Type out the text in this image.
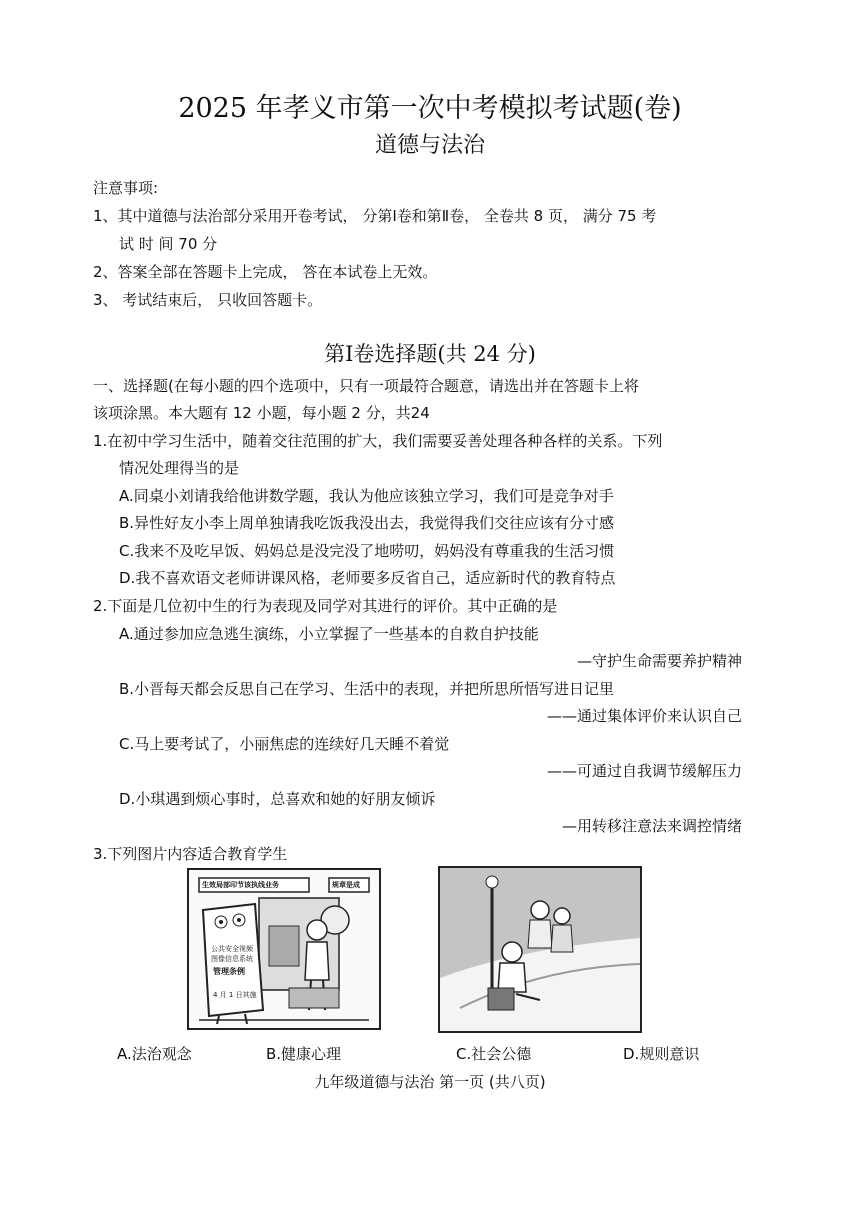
2025 年孝义市第一次中考模拟考试题(卷)
道德与法治
注意事项:
1、其中道德与法治部分采用开卷考试， 分第Ⅰ卷和第Ⅱ卷， 全卷共 8 页， 满分 75 考
试 时 间 70 分
2、答案全部在答题卡上完成， 答在本试卷上无效。
3、 考试结束后， 只收回答题卡。
第Ⅰ卷选择题(共 24 分)
一、选择题(在每小题的四个选项中，只有一项最符合题意，请选出并在答题卡上将
该项涂黑。本大题有 12 小题，每小题 2 分，共24
1.在初中学习生活中，随着交往范围的扩大，我们需要妥善处理各种各样的关系。下列
情况处理得当的是
A.同桌小刘请我给他讲数学题，我认为他应该独立学习，我们可是竞争对手
B.异性好友小李上周单独请我吃饭我没出去，我觉得我们交往应该有分寸感
C.我来不及吃早饭、妈妈总是没完没了地唠叨，妈妈没有尊重我的生活习惯
D.我不喜欢语文老师讲课风格，老师要多反省自己，适应新时代的教育特点
2.下面是几位初中生的行为表现及同学对其进行的评价。其中正确的是
A.通过参加应急逃生演练，小立掌握了一些基本的自救自护技能
—守护生命需要养护精神
B.小晋每天都会反思自己在学习、生活中的表现，并把所思所悟写进日记里
——通过集体评价来认识自己
C.马上要考试了，小丽焦虑的连续好几天睡不着觉
——可通过自我调节缓解压力
D.小琪遇到烦心事时，总喜欢和她的好朋友倾诉
—用转移注意法来调控情绪
3.下列图片内容适合教育学生
生效局部印节该执线业务	规章是成
公共安全视频
图像信息系统
管理条例
4 月 1 日其施
A.法治观念	B.健康心理	C.社会公德	D.规则意识
九年级道德与法治 第一页 (共八页)
